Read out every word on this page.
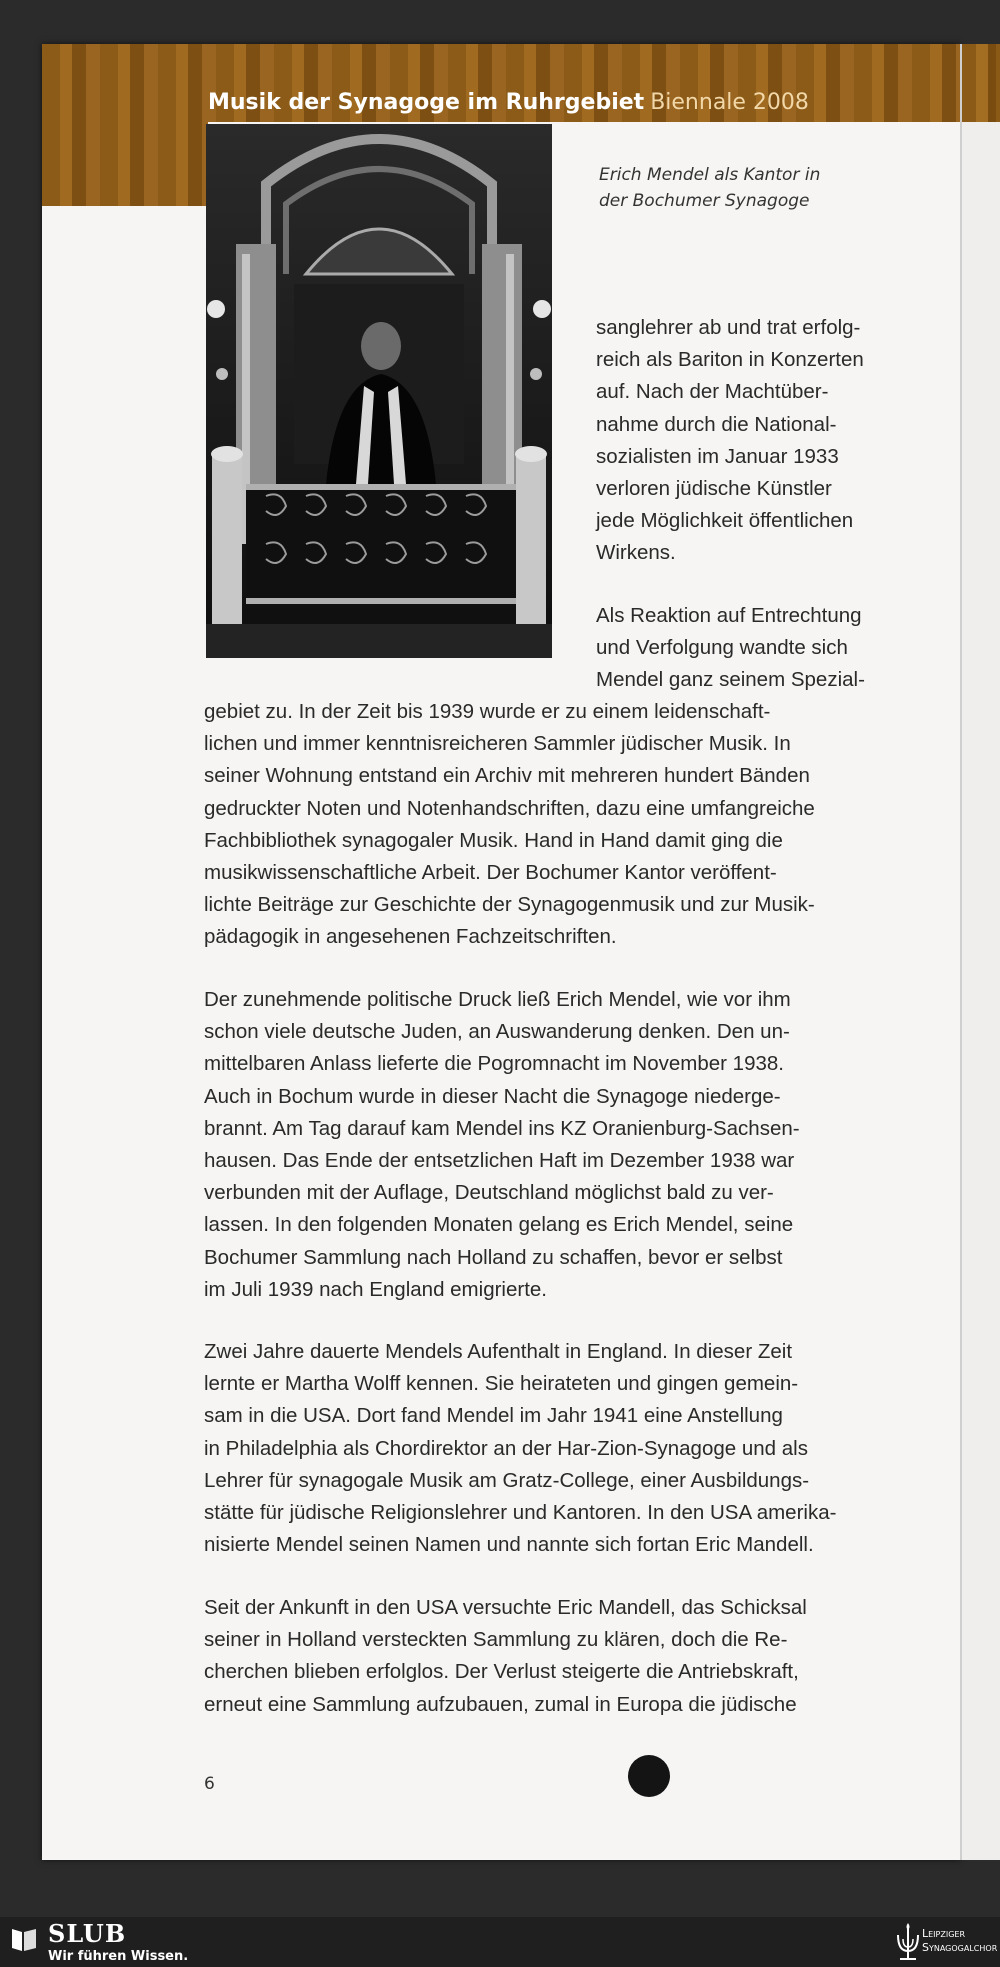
Musik der Synagoge im Ruhrgebiet Biennale 2008

Erich Mendel als Kantor in
der Bochumer Synagoge

sanglehrer ab und trat erfolg-
reich als Bariton in Konzerten
auf. Nach der Machtüber-
nahme durch die National-
sozialisten im Januar 1933
verloren jüdische Künstler
jede Möglichkeit öffentlichen
Wirkens.

Als Reaktion auf Entrechtung
und Verfolgung wandte sich
Mendel ganz seinem Spezial-

gebiet zu. In der Zeit bis 1939 wurde er zu einem leidenschaft-
lichen und immer kenntnisreicheren Sammler jüdischer Musik. In
seiner Wohnung entstand ein Archiv mit mehreren hundert Bänden
gedruckter Noten und Notenhandschriften, dazu eine umfangreiche
Fachbibliothek synagogaler Musik. Hand in Hand damit ging die
musikwissenschaftliche Arbeit. Der Bochumer Kantor veröffent-
lichte Beiträge zur Geschichte der Synagogenmusik und zur Musik-
pädagogik in angesehenen Fachzeitschriften.

Der zunehmende politische Druck ließ Erich Mendel, wie vor ihm
schon viele deutsche Juden, an Auswanderung denken. Den un-
mittelbaren Anlass lieferte die Pogromnacht im November 1938.
Auch in Bochum wurde in dieser Nacht die Synagoge niederge-
brannt. Am Tag darauf kam Mendel ins KZ Oranienburg-Sachsen-
hausen. Das Ende der entsetzlichen Haft im Dezember 1938 war
verbunden mit der Auflage, Deutschland möglichst bald zu ver-
lassen. In den folgenden Monaten gelang es Erich Mendel, seine
Bochumer Sammlung nach Holland zu schaffen, bevor er selbst
im Juli 1939 nach England emigrierte.

Zwei Jahre dauerte Mendels Aufenthalt in England. In dieser Zeit
lernte er Martha Wolff kennen. Sie heirateten und gingen gemein-
sam in die USA. Dort fand Mendel im Jahr 1941 eine Anstellung
in Philadelphia als Chordirektor an der Har-Zion-Synagoge und als
Lehrer für synagogale Musik am Gratz-College, einer Ausbildungs-
stätte für jüdische Religionslehrer und Kantoren. In den USA amerika-
nisierte Mendel seinen Namen und nannte sich fortan Eric Mandell.

Seit der Ankunft in den USA versuchte Eric Mandell, das Schicksal
seiner in Holland versteckten Sammlung zu klären, doch die Re-
cherchen blieben erfolglos. Der Verlust steigerte die Antriebskraft,
erneut eine Sammlung aufzubauen, zumal in Europa die jüdische

6
SLUB
Wir führen Wissen.
Leipziger
Synagogalchor
